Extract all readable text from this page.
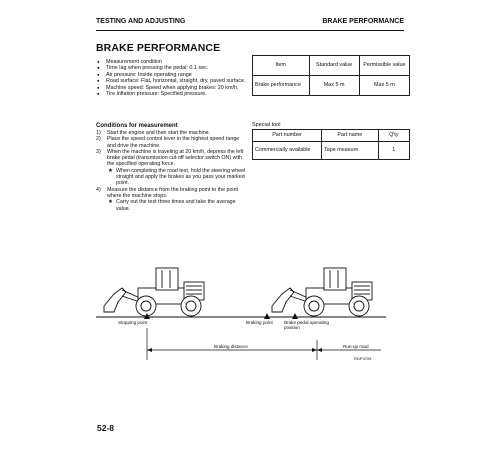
TESTING AND ADJUSTING	BRAKE PERFORMANCE
BRAKE PERFORMANCE
● Measurement condition
● Time lag when pressing the pedal: 0.1 sec.
● Air pressure: Inside operating range
● Road surface: Flat, horizontal, straight, dry, paved surface.
● Machine speed: Speed when applying brakes: 20 km/h.
● Tire inflation pressure: Specified pressure.
Item	Standard value	Permissible value
Brake performance	Max 5 m	Max 5 m
Conditions for measurement
1) Start the engine and then start the machine.
2) Place the speed control lever in the highest speed range and drive the machine.
3) When the machine is traveling at 20 km/h, depress the left brake pedal (transmission cut-off selector switch ON) with the specified operating force.
★ When completing the road test, hold the steering wheel straight and apply the brakes as you pass your marked point.
4) Measure the distance from the braking point to the point where the machine stops.
★ Carry out the test three times and take the average value.
Special tool
Part number	Part name	Q'ty
Commercially available	Tape measure	1
Stopping point	Braking point Brake pedal operating position
Braking distance	Run-up road
RDP3709
52-8
